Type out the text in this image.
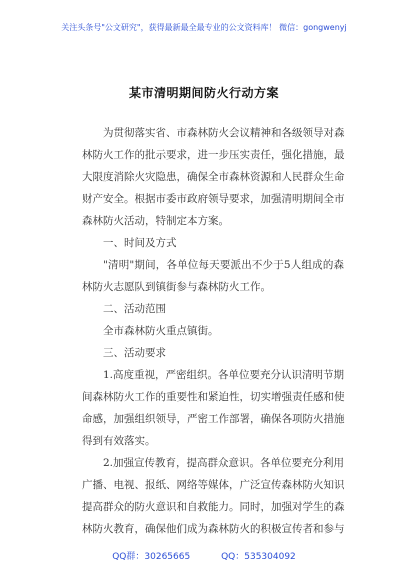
关注头条号"公文研究"，获得最新最全最专业的公文资料库！ 微信：gongwenyj
某市清明期间防火行动方案
为贯彻落实省、市森林防火会议精神和各级领导对森
林防火工作的批示要求，进一步压实责任，强化措施，最
大限度消除火灾隐患，确保全市森林资源和人民群众生命
财产安全。根据市委市政府领导要求，加强清明期间全市
森林防火活动，特制定本方案。
一、时间及方式
"清明"期间，各单位每天要派出不少于5人组成的森
林防火志愿队到镇街参与森林防火工作。
二、活动范围
全市森林防火重点镇街。
三、活动要求
1.高度重视，严密组织。各单位要充分认识清明节期
间森林防火工作的重要性和紧迫性，切实增强责任感和使
命感，加强组织领导，严密工作部署，确保各项防火措施
得到有效落实。
2.加强宣传教育，提高群众意识。各单位要充分利用
广播、电视、报纸、网络等媒体，广泛宣传森林防火知识
提高群众的防火意识和自救能力。同时，加强对学生的森
林防火教育，确保他们成为森林防火的积极宣传者和参与
QQ群：30265665	QQ：535304092
